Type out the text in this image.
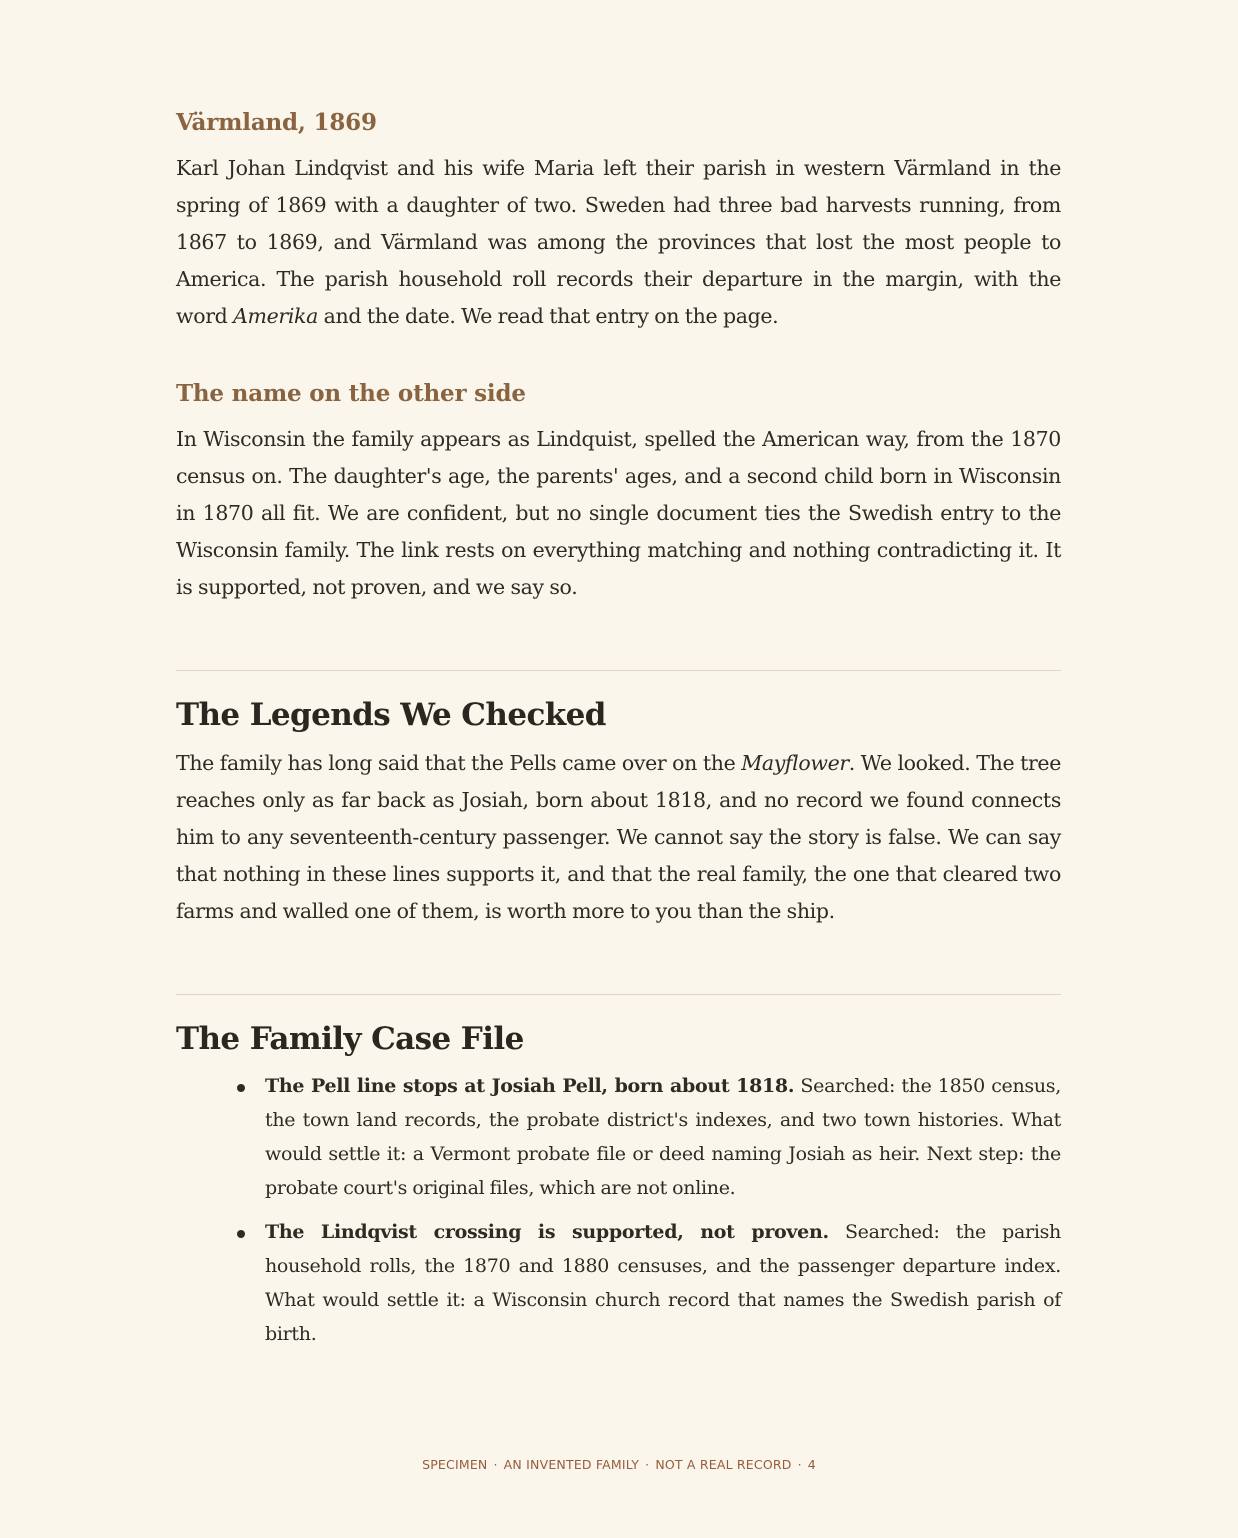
Värmland, 1869

Karl Johan Lindqvist and his wife Maria left their parish in western Värmland in the spring of 1869 with a daughter of two. Sweden had three bad harvests running, from 1867 to 1869, and Värmland was among the provinces that lost the most people to America. The parish household roll records their departure in the margin, with the word Amerika and the date. We read that entry on the page.

The name on the other side

In Wisconsin the family appears as Lindquist, spelled the American way, from the 1870 census on. The daughter's age, the parents' ages, and a second child born in Wisconsin in 1870 all fit. We are confident, but no single document ties the Swedish entry to the Wisconsin family. The link rests on everything matching and nothing contradicting it. It is supported, not proven, and we say so.

The Legends We Checked

The family has long said that the Pells came over on the Mayflower. We looked. The tree reaches only as far back as Josiah, born about 1818, and no record we found connects him to any seventeenth-century passenger. We cannot say the story is false. We can say that nothing in these lines supports it, and that the real family, the one that cleared two farms and walled one of them, is worth more to you than the ship.

The Family Case File
The Pell line stops at Josiah Pell, born about 1818. Searched: the 1850 census, the town land records, the probate district's indexes, and two town histories. What would settle it: a Vermont probate file or deed naming Josiah as heir. Next step: the probate court's original files, which are not online.
The Lindqvist crossing is supported, not proven. Searched: the parish household rolls, the 1870 and 1880 censuses, and the passenger departure index. What would settle it: a Wisconsin church record that names the Swedish parish of birth.
SPECIMEN · AN INVENTED FAMILY · NOT A REAL RECORD · 4
